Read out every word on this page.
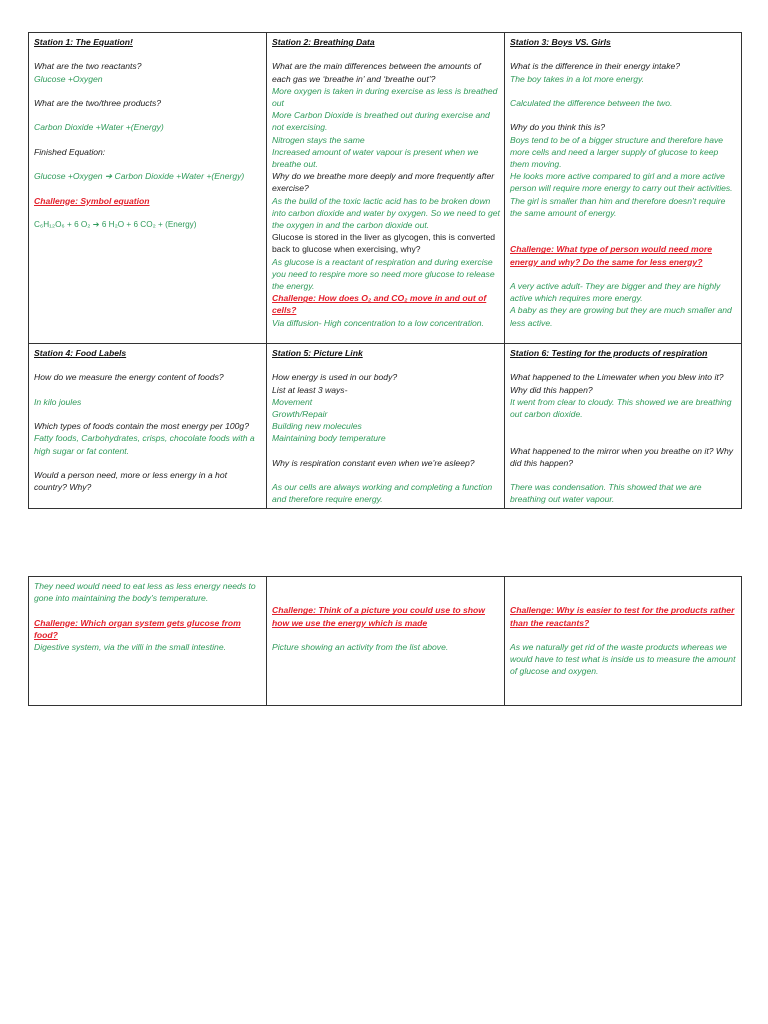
Station 1: The Equation!
What are the two reactants?
Glucose +Oxygen
What are the two/three products?
Carbon Dioxide +Water +(Energy)
Finished Equation:
Glucose +Oxygen ➔ Carbon Dioxide +Water +(Energy)
Challenge: Symbol equation
C₆H₁₂O₆ + 6 O₂ ➔ 6 H₂O + 6 CO₂ + (Energy)
Station 2: Breathing Data
What are the main differences between the amounts of each gas we ‘breathe in’ and ‘breathe out’?
More oxygen is taken in during exercise as less is breathed out
More Carbon Dioxide is breathed out during exercise and not exercising.
Nitrogen stays the same
Increased amount of water vapour is present when we breathe out.
Why do we breathe more deeply and more frequently after exercise?
As the build of the toxic lactic acid has to be broken down into carbon dioxide and water by oxygen. So we need to get the oxygen in and the carbon dioxide out.
Glucose is stored in the liver as glycogen, this is converted back to glucose when exercising, why?
As glucose is a reactant of respiration and during exercise you need to respire more so need more glucose to release the energy.
Challenge: How does O₂ and CO₂ move in and out of cells?
Via diffusion- High concentration to a low concentration.
Station 3: Boys VS. Girls
What is the difference in their energy intake?
The boy takes in a lot more energy.
Calculated the difference between the two.
Why do you think this is?
Boys tend to be of a bigger structure and therefore have more cells and need a larger supply of glucose to keep them moving.
He looks more active compared to girl and a more active person will require more energy to carry out their activities.
The girl is smaller than him and therefore doesn’t require the same amount of energy.
Challenge: What type of person would need more energy and why? Do the same for less energy?
A very active adult- They are bigger and they are highly active which requires more energy.
A baby as they are growing but they are much smaller and less active.
Station 4: Food Labels
How do we measure the energy content of foods?
In kilo joules
Which types of foods contain the most energy per 100g?
Fatty foods, Carbohydrates, crisps, chocolate foods with a high sugar or fat content.
Would a person need, more or less energy in a hot country? Why?
Station 5: Picture Link
How energy is used in our body?
List at least 3 ways-
Movement
Growth/Repair
Building new molecules
Maintaining body temperature
Why is respiration constant even when we’re asleep?
As our cells are always working and completing a function and therefore require energy.
Station 6: Testing for the products of respiration
What happened to the Limewater when you blew into it? Why did this happen?
It went from clear to cloudy. This showed we are breathing out carbon dioxide.
What happened to the mirror when you breathe on it? Why did this happen?
There was condensation. This showed that we are breathing out water vapour.
They need would need to eat less as less energy needs to gone into maintaining the body’s temperature.
Challenge: Which organ system gets glucose from food?
Digestive system, via the villi in the small intestine.
Challenge: Think of a picture you could use to show how we use the energy which is made
Picture showing an activity from the list above.
Challenge: Why is easier to test for the products rather than the reactants?
As we naturally get rid of the waste products whereas we would have to test what is inside us to measure the amount of glucose and oxygen.
